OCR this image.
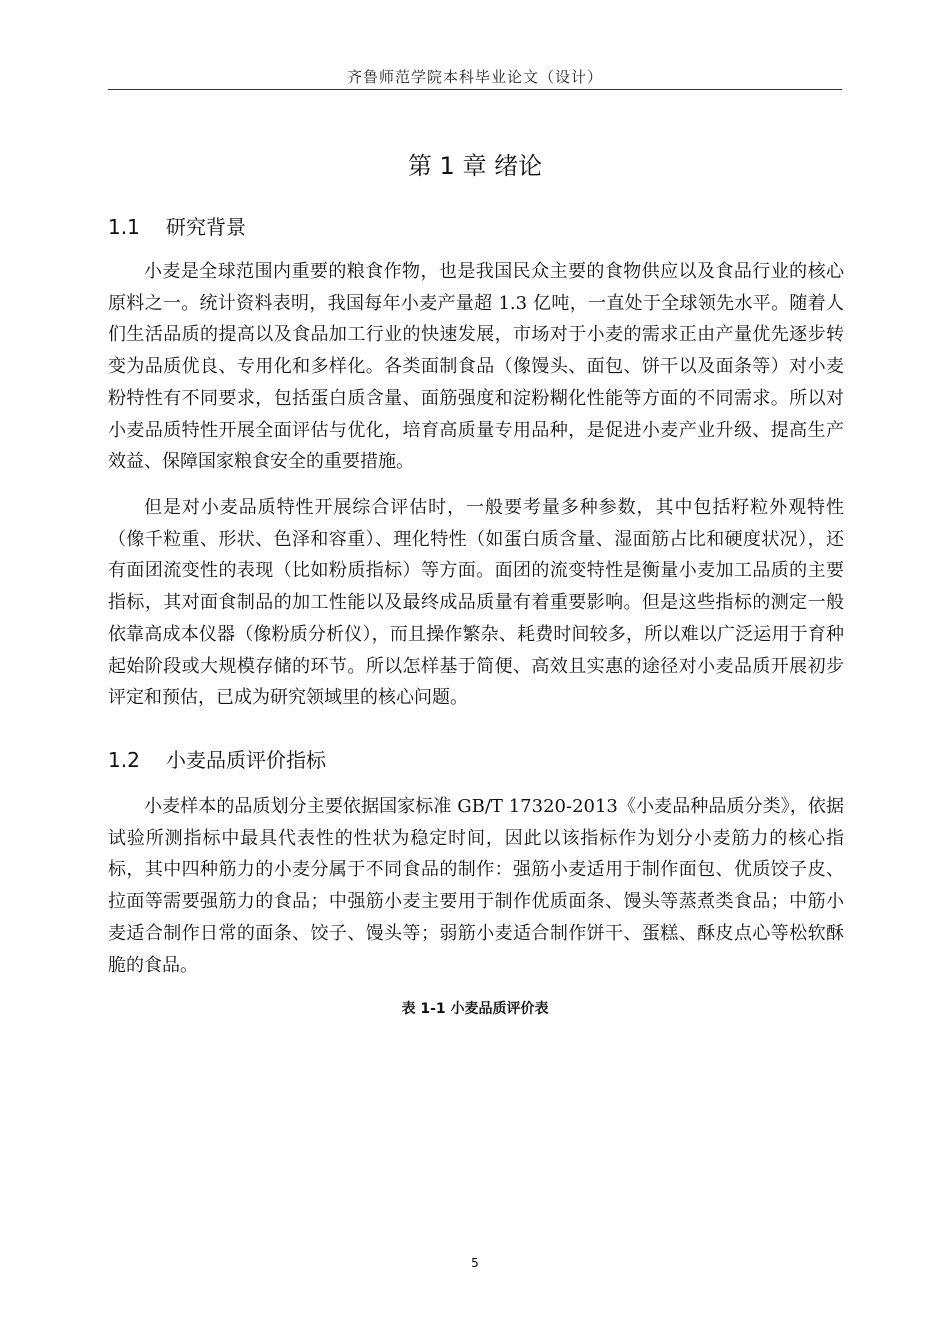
齐鲁师范学院本科毕业论文（设计）
第 1 章 绪论
1.1 研究背景

小麦是全球范围内重要的粮食作物，也是我国民众主要的食物供应以及食品行业的核心原料之一。统计资料表明，我国每年小麦产量超 1.3 亿吨，一直处于全球领先水平。随着人们生活品质的提高以及食品加工行业的快速发展，市场对于小麦的需求正由产量优先逐步转变为品质优良、专用化和多样化。各类面制食品（像馒头、面包、饼干以及面条等）对小麦粉特性有不同要求，包括蛋白质含量、面筋强度和淀粉糊化性能等方面的不同需求。所以对小麦品质特性开展全面评估与优化，培育高质量专用品种，是促进小麦产业升级、提高生产效益、保障国家粮食安全的重要措施。

但是对小麦品质特性开展综合评估时，一般要考量多种参数，其中包括籽粒外观特性（像千粒重、形状、色泽和容重）、理化特性（如蛋白质含量、湿面筋占比和硬度状况），还有面团流变性的表现（比如粉质指标）等方面。面团的流变特性是衡量小麦加工品质的主要指标，其对面食制品的加工性能以及最终成品质量有着重要影响。但是这些指标的测定一般依靠高成本仪器（像粉质分析仪），而且操作繁杂、耗费时间较多，所以难以广泛运用于育种起始阶段或大规模存储的环节。所以怎样基于简便、高效且实惠的途径对小麦品质开展初步评定和预估，已成为研究领域里的核心问题。

1.2 小麦品质评价指标

小麦样本的品质划分主要依据国家标准 GB/T 17320-2013《小麦品种品质分类》，依据试验所测指标中最具代表性的性状为稳定时间，因此以该指标作为划分小麦筋力的核心指标，其中四种筋力的小麦分属于不同食品的制作：强筋小麦适用于制作面包、优质饺子皮、拉面等需要强筋力的食品；中强筋小麦主要用于制作优质面条、馒头等蒸煮类食品；中筋小麦适合制作日常的面条、饺子、馒头等；弱筋小麦适合制作饼干、蛋糕、酥皮点心等松软酥脆的食品。

表 1-1 小麦品质评价表
5
